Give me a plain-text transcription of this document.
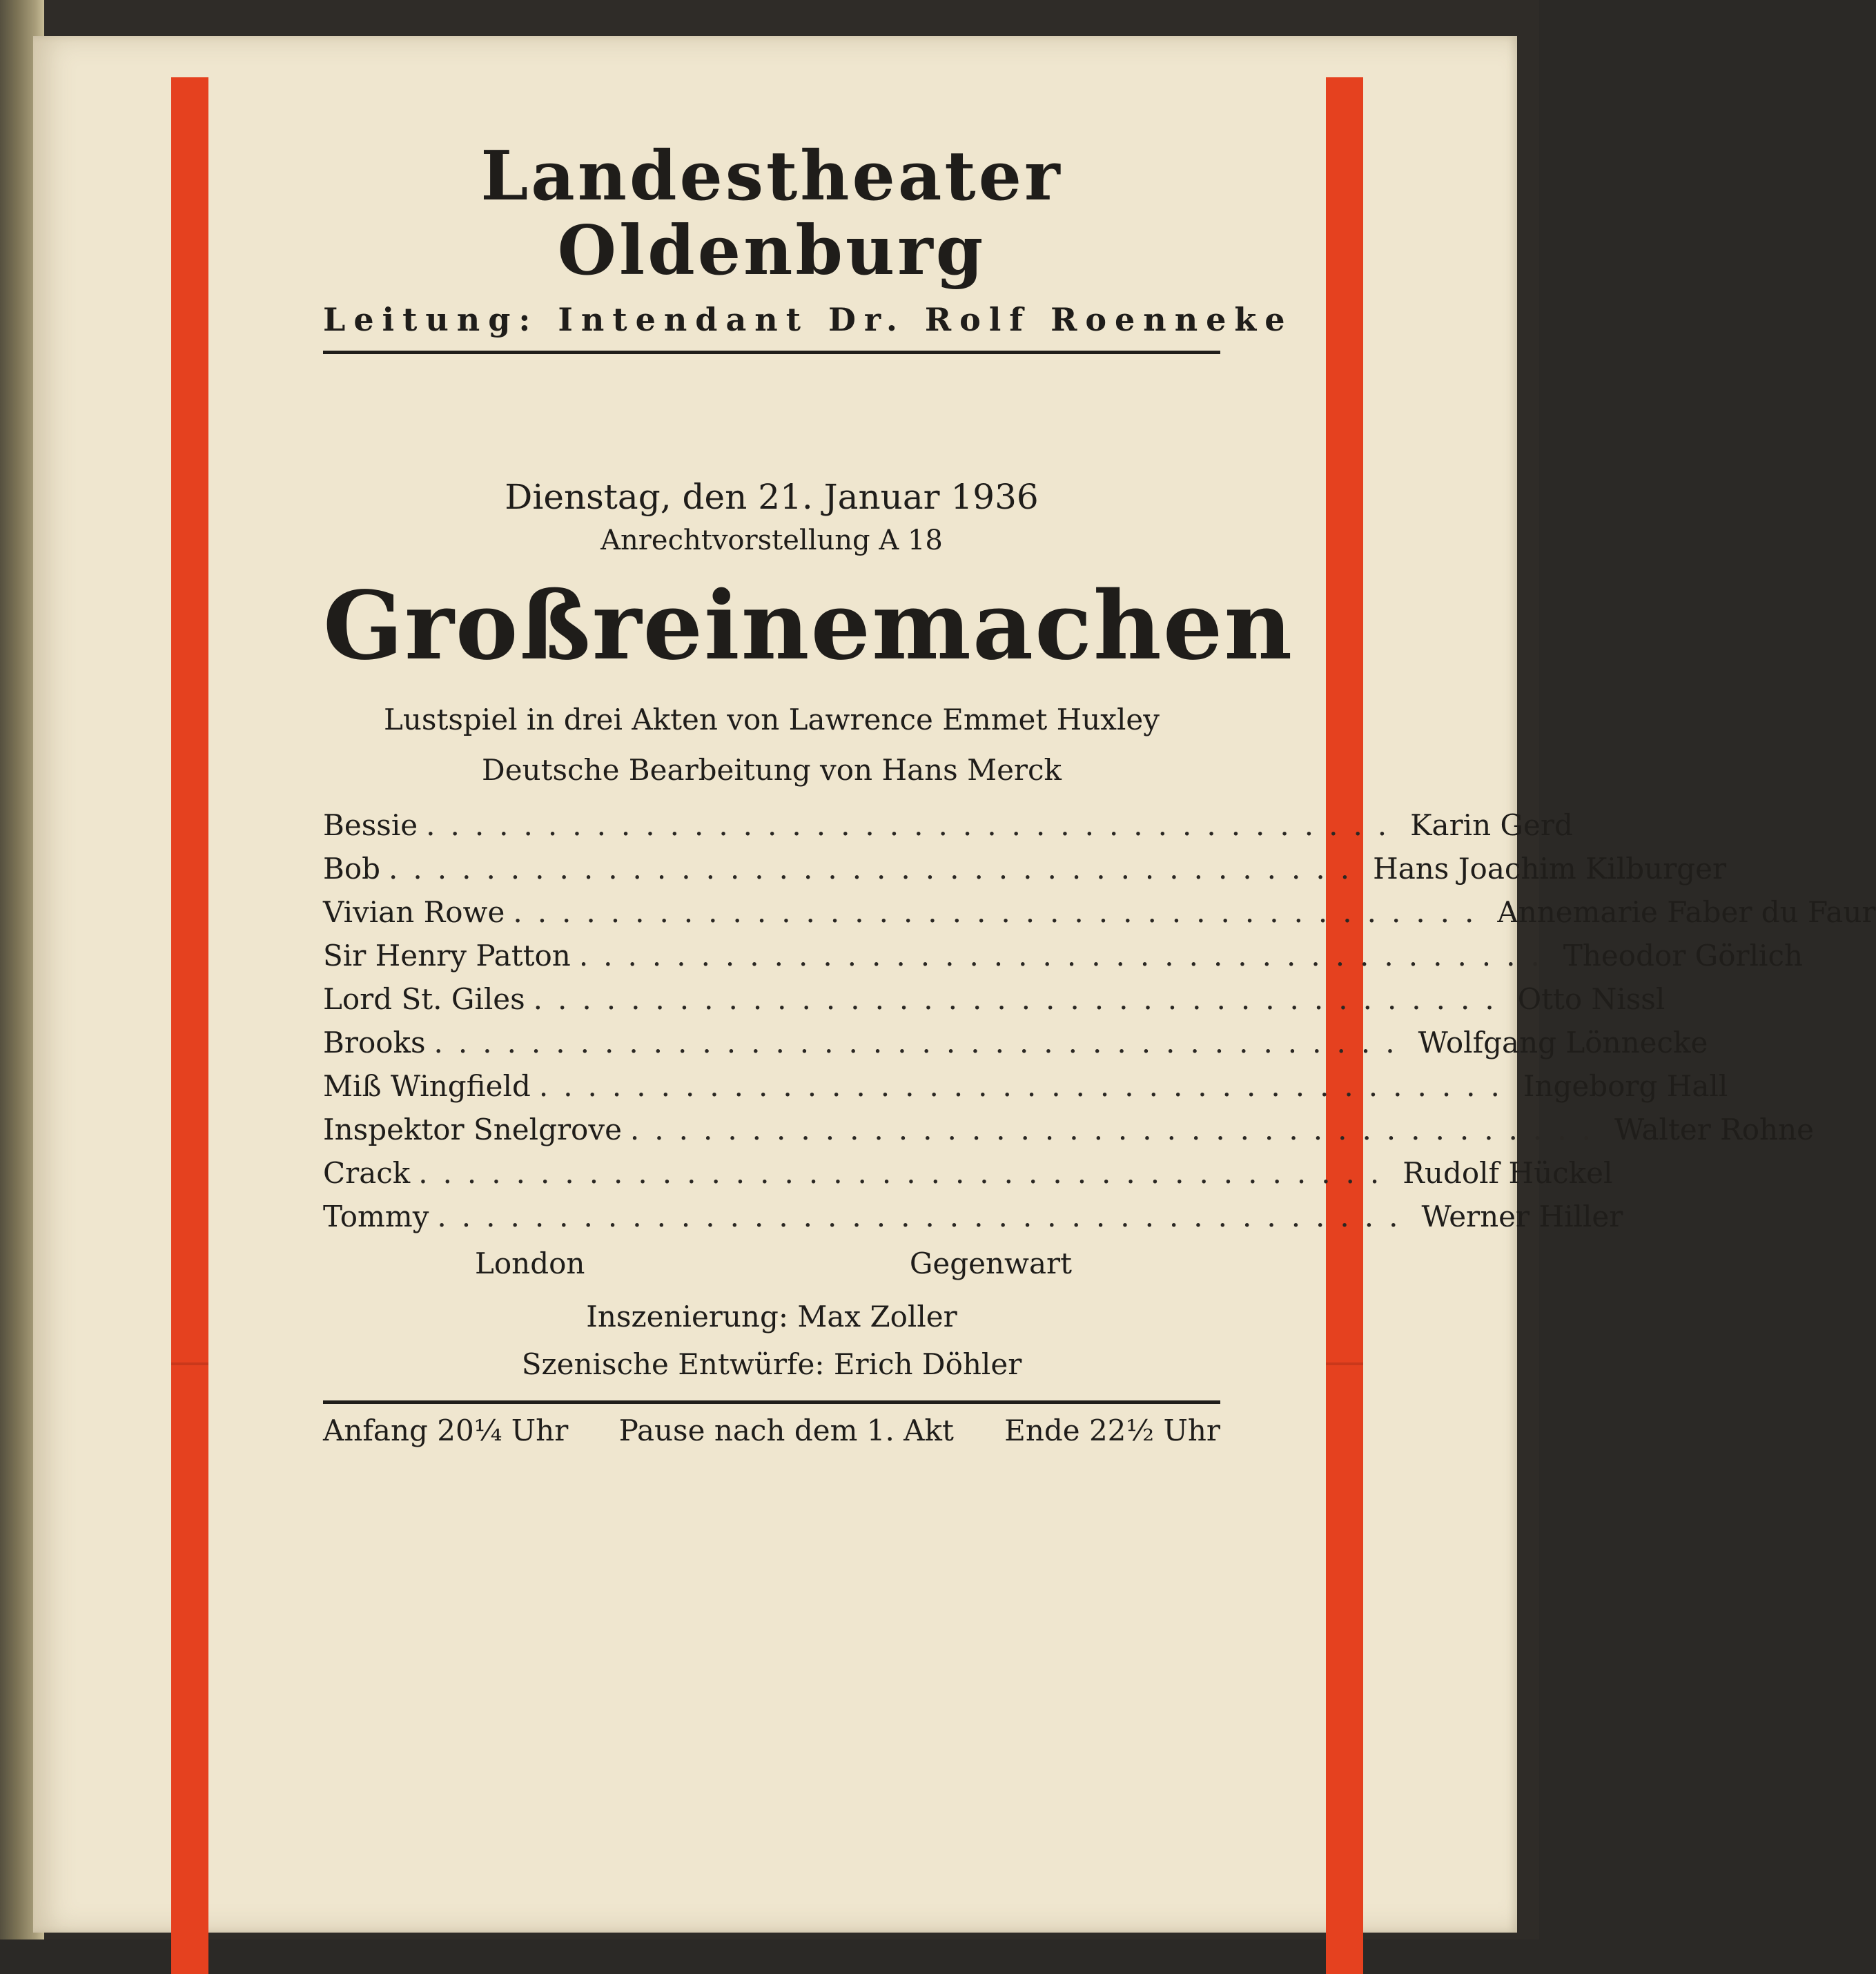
Landestheater Oldenburg
Leitung: Intendant Dr. Rolf Roenneke
Dienstag, den 21. Januar 1936
Anrechtvorstellung A 18
Großreinemachen
Lustspiel in drei Akten von Lawrence Emmet Huxley
Deutsche Bearbeitung von Hans Merck
Bessie ........................................ Karin Gerd
Bob ........................................ Hans Joachim Kilburger
Vivian Rowe ........................................ Annemarie Faber du Faur
Sir Henry Patton ........................................ Theodor Görlich
Lord St. Giles ........................................ Otto Nissl
Brooks ........................................ Wolfgang Lönnecke
Miß Wingfield ........................................ Ingeborg Hall
Inspektor Snelgrove ........................................ Walter Rohne
Crack ........................................ Rudolf Hückel
Tommy ........................................ Werner Hiller
London	Gegenwart
Inszenierung: Max Zoller
Szenische Entwürfe: Erich Döhler
Anfang 20¼ Uhr Pause nach dem 1. Akt Ende 22½ Uhr
